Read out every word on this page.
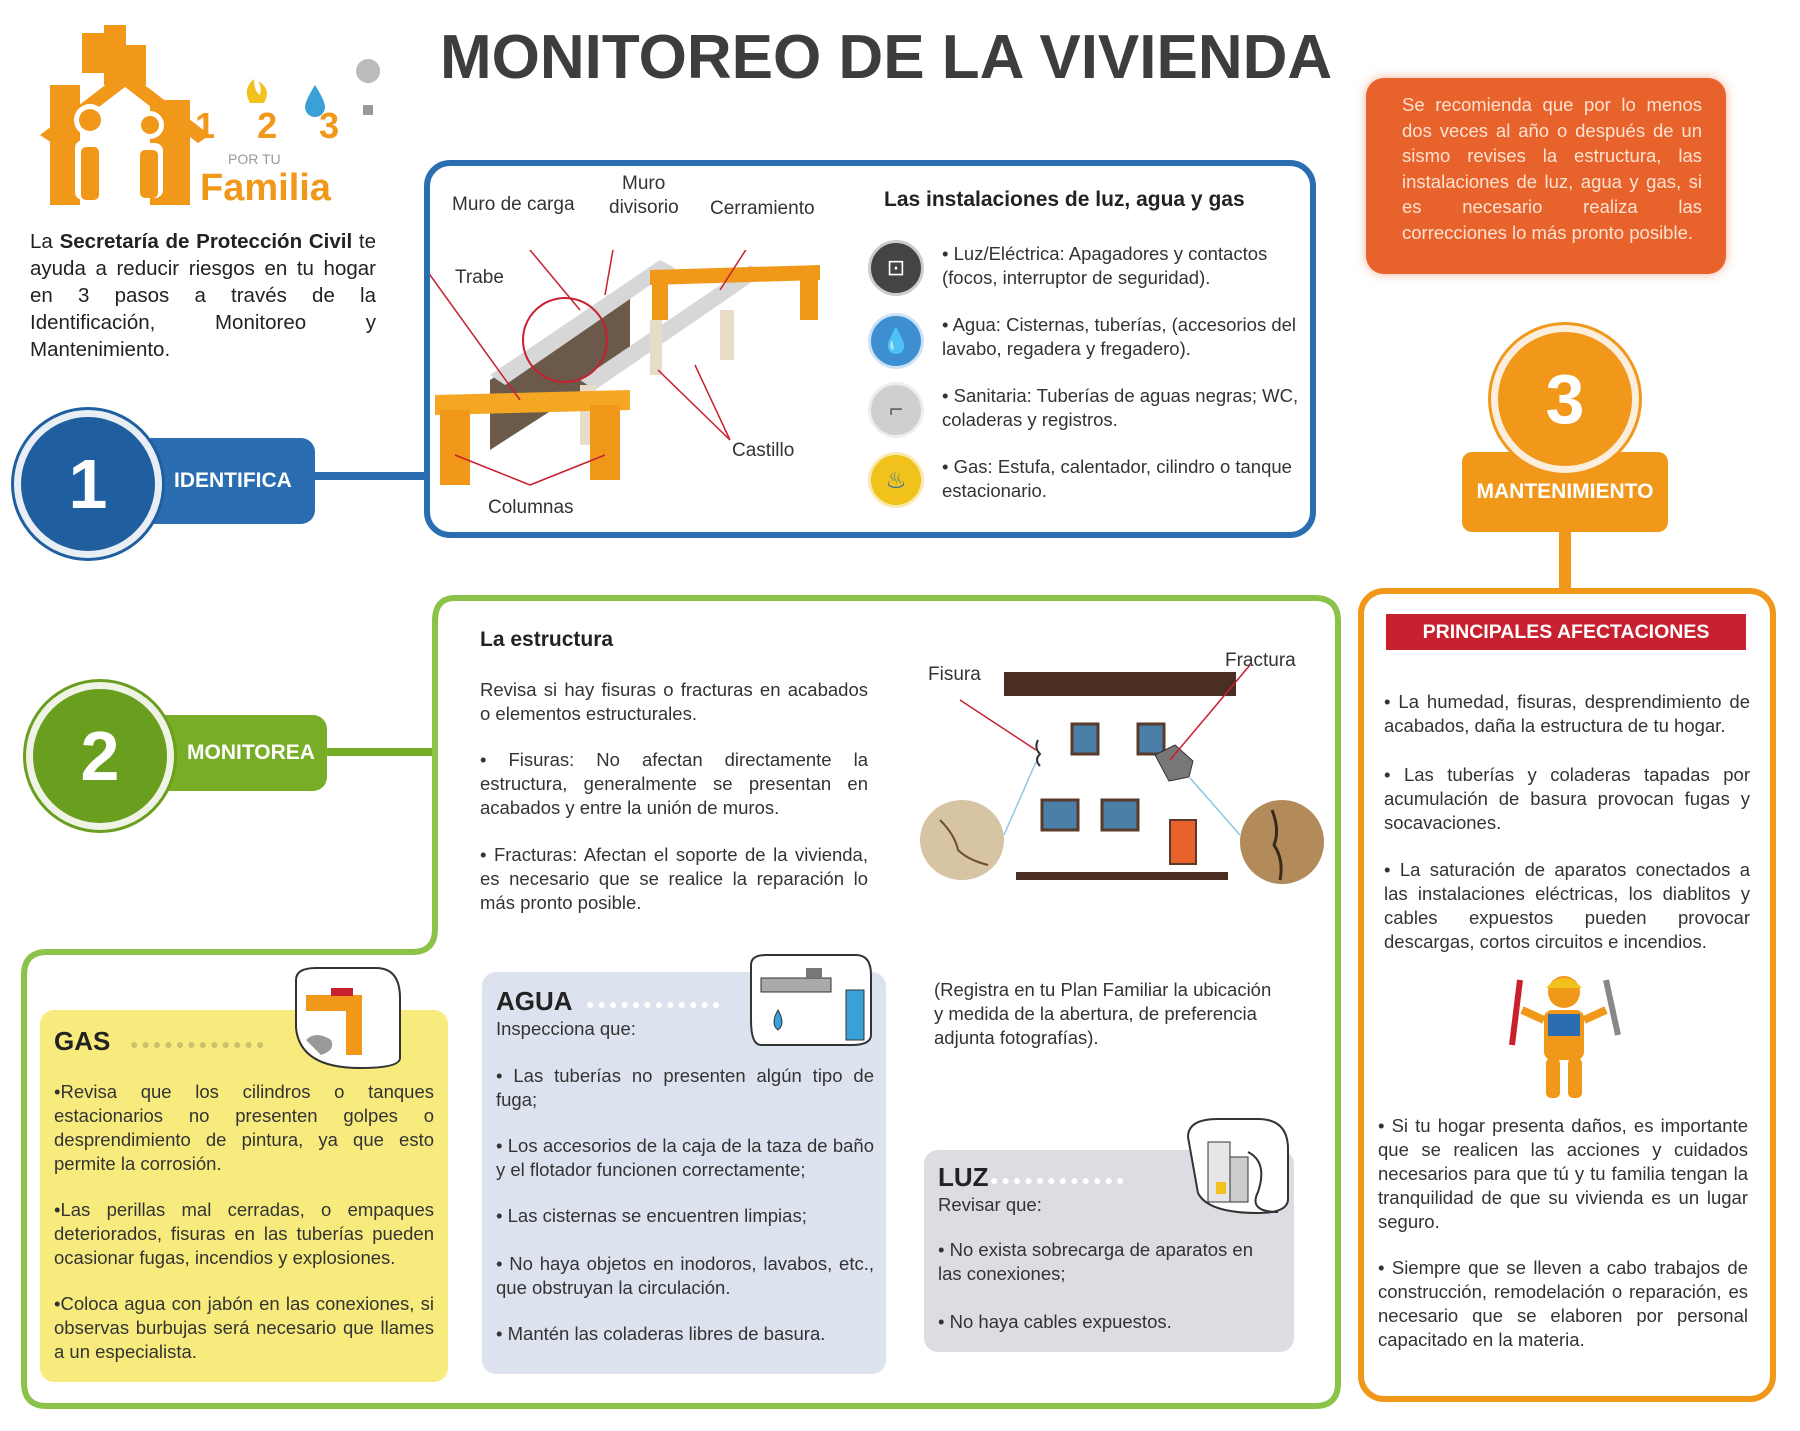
MONITOREO DE LA VIVIENDA
1 2 3
POR TU
Familia
La Secretaría de Protección Civil te ayuda a reducir riesgos en tu hogar en 3 pasos a través de la Identificación, Monitoreo y Mantenimiento.
Se recomienda que por lo menos dos veces al año o después de un sismo revises la estructura, las instalaciones de luz, agua y gas, si es necesario realiza las correcciones lo más pronto posible.
IDENTIFICA
1
MONITOREA
2
MANTENIMIENTO
3
Muro de carga
Muro
divisorio Cerramiento
Trabe
Castillo
Columnas
Las instalaciones de luz, agua y gas
⊡
• Luz/Eléctrica: Apagadores y contactos (focos, interruptor de seguridad).
💧
• Agua: Cisternas, tuberías, (accesorios del lavabo, regadera y fregadero).
⌐
• Sanitaria: Tuberías de aguas negras; WC, coladeras y registros.
♨ • Gas: Estufa, calentador, cilindro o tanque estacionario.
La estructura
Revisa si hay fisuras o fracturas en acabados o elementos estructurales.
• Fisuras: No afectan directamente la estructura, generalmente se presentan en acabados y entre la unión de muros.
• Fracturas: Afectan el soporte de la vivienda, es necesario que se realice la reparación lo más pronto posible.
Fisura
Fractura
(Registra en tu Plan Familiar la ubicación y medida de la abertura, de preferencia adjunta fotografías).
GAS ●●●●●●●●●●●●
•Revisa que los cilindros o tanques estacionarios no presenten golpes o desprendimiento de pintura, ya que esto permite la corrosión.
•Las perillas mal cerradas, o empaques deteriorados, fisuras en las tuberías pueden ocasionar fugas, incendios y explosiones.
•Coloca agua con jabón en las conexiones, si observas burbujas será necesario que llames a un especialista.
AGUA ●●●●●●●●●●●●
Inspecciona que:
• Las tuberías no presenten algún tipo de fuga;
• Los accesorios de la caja de la taza de baño y el flotador funcionen correctamente;
• Las cisternas se encuentren limpias;
• No haya objetos en inodoros, lavabos, etc., que obstruyan la circulación.
• Mantén las coladeras libres de basura.
LUZ ●●●●●●●●●●●●
Revisar que:
• No exista sobrecarga de aparatos en las conexiones;
• No haya cables expuestos.
PRINCIPALES AFECTACIONES
• La humedad, fisuras, desprendimiento de acabados, daña la estructura de tu hogar.
• Las tuberías y coladeras tapadas por acumulación de basura provocan fugas y socavaciones.
• La saturación de aparatos conectados a las instalaciones eléctricas, los diablitos y cables expuestos pueden provocar descargas, cortos circuitos e incendios.
• Si tu hogar presenta daños, es importante que se realicen las acciones y cuidados necesarios para que tú y tu familia tengan la tranquilidad de que su vivienda es un lugar seguro.
• Siempre que se lleven a cabo trabajos de construcción, remodelación o reparación, es necesario que se elaboren por personal capacitado en la materia.
